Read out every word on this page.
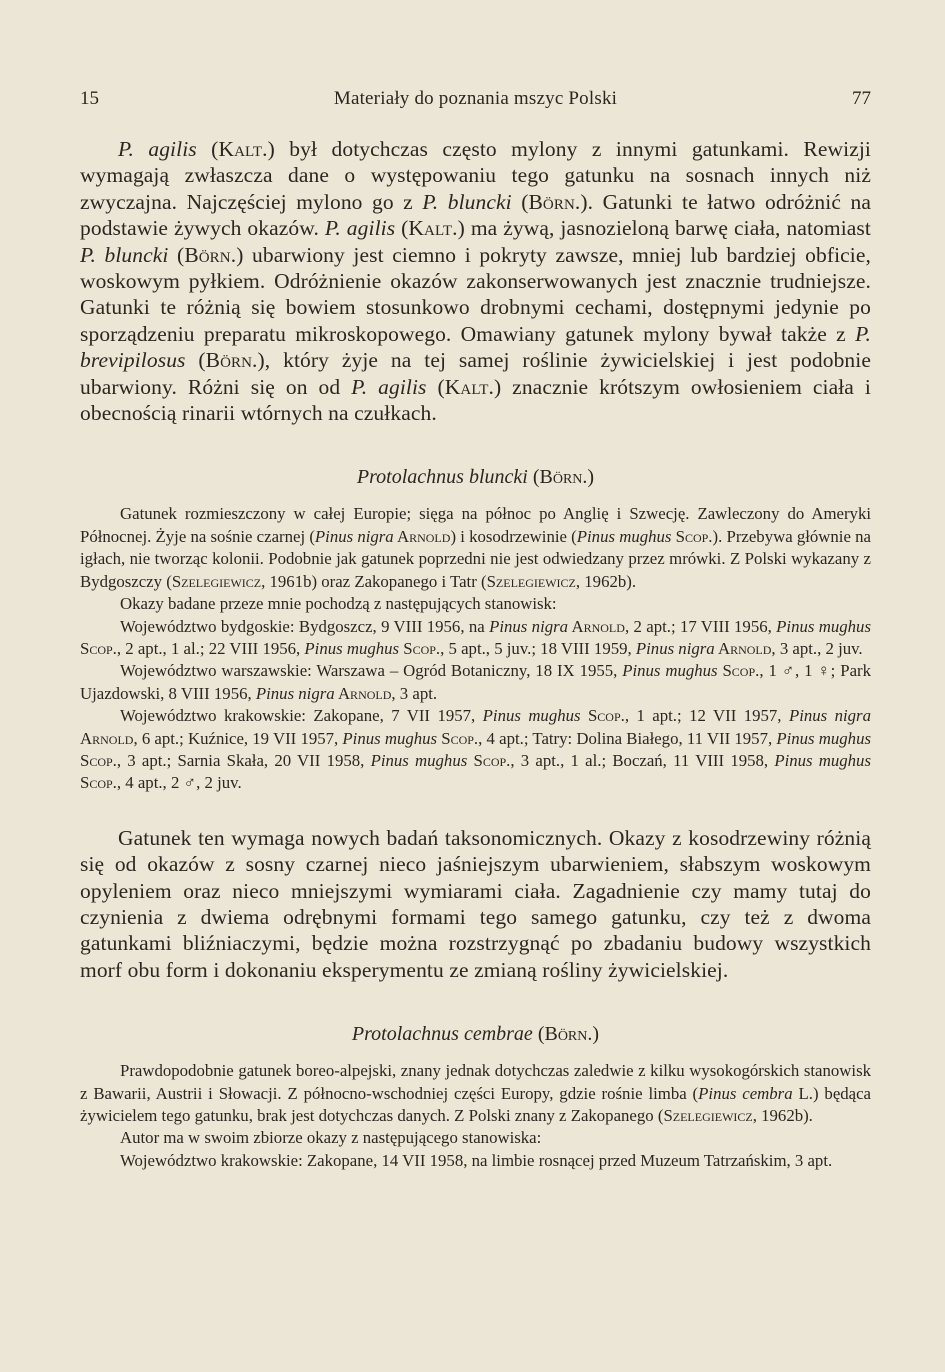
15	Materiały do poznania mszyc Polski	77

P. agilis (Kalt.) był dotychczas często mylony z innymi gatunkami. Rewizji wymagają zwłaszcza dane o występowaniu tego gatunku na sosnach innych niż zwyczajna. Najczęściej mylono go z P. bluncki (Börn.). Gatunki te łatwo odróżnić na podstawie żywych okazów. P. agilis (Kalt.) ma żywą, jasnozieloną barwę ciała, natomiast P. bluncki (Börn.) ubarwiony jest ciemno i pokryty zawsze, mniej lub bardziej obficie, woskowym pyłkiem. Odróżnienie okazów zakonserwowanych jest znacznie trudniejsze. Gatunki te różnią się bowiem stosunkowo drobnymi cechami, dostępnymi jedynie po sporządzeniu preparatu mikroskopowego. Omawiany gatunek mylony bywał także z P. brevipilosus (Börn.), który żyje na tej samej roślinie żywicielskiej i jest podobnie ubarwiony. Różni się on od P. agilis (Kalt.) znacznie krótszym owłosieniem ciała i obecnością rinarii wtórnych na czułkach.

Protolachnus bluncki (Börn.)

Gatunek rozmieszczony w całej Europie; sięga na północ po Anglię i Szwecję. Zawleczony do Ameryki Północnej. Żyje na sośnie czarnej (Pinus nigra Arnold) i kosodrzewinie (Pinus mughus Scop.). Przebywa głównie na igłach, nie tworząc kolonii. Podobnie jak gatunek poprzedni nie jest odwiedzany przez mrówki. Z Polski wykazany z Bydgoszczy (Szelegiewicz, 1961b) oraz Zakopanego i Tatr (Szelegiewicz, 1962b).

Okazy badane przeze mnie pochodzą z następujących stanowisk:

Województwo bydgoskie: Bydgoszcz, 9 VIII 1956, na Pinus nigra Arnold, 2 apt.; 17 VIII 1956, Pinus mughus Scop., 2 apt., 1 al.; 22 VIII 1956, Pinus mughus Scop., 5 apt., 5 juv.; 18 VIII 1959, Pinus nigra Arnold, 3 apt., 2 juv.

Województwo warszawskie: Warszawa – Ogród Botaniczny, 18 IX 1955, Pinus mughus Scop., 1 ♂, 1 ♀; Park Ujazdowski, 8 VIII 1956, Pinus nigra Arnold, 3 apt.

Województwo krakowskie: Zakopane, 7 VII 1957, Pinus mughus Scop., 1 apt.; 12 VII 1957, Pinus nigra Arnold, 6 apt.; Kuźnice, 19 VII 1957, Pinus mughus Scop., 4 apt.; Tatry: Dolina Białego, 11 VII 1957, Pinus mughus Scop., 3 apt.; Sarnia Skała, 20 VII 1958, Pinus mughus Scop., 3 apt., 1 al.; Boczań, 11 VIII 1958, Pinus mughus Scop., 4 apt., 2 ♂, 2 juv.

Gatunek ten wymaga nowych badań taksonomicznych. Okazy z kosodrzewiny różnią się od okazów z sosny czarnej nieco jaśniejszym ubarwieniem, słabszym woskowym opyleniem oraz nieco mniejszymi wymiarami ciała. Zagadnienie czy mamy tutaj do czynienia z dwiema odrębnymi formami tego samego gatunku, czy też z dwoma gatunkami bliźniaczymi, będzie można rozstrzygnąć po zbadaniu budowy wszystkich morf obu form i dokonaniu eksperymentu ze zmianą rośliny żywicielskiej.

Protolachnus cembrae (Börn.)

Prawdopodobnie gatunek boreo-alpejski, znany jednak dotychczas zaledwie z kilku wysokogórskich stanowisk z Bawarii, Austrii i Słowacji. Z północno-wschodniej części Europy, gdzie rośnie limba (Pinus cembra L.) będąca żywicielem tego gatunku, brak jest dotychczas danych. Z Polski znany z Zakopanego (Szelegiewicz, 1962b).

Autor ma w swoim zbiorze okazy z następującego stanowiska:

Województwo krakowskie: Zakopane, 14 VII 1958, na limbie rosnącej przed Muzeum Tatrzańskim, 3 apt.
